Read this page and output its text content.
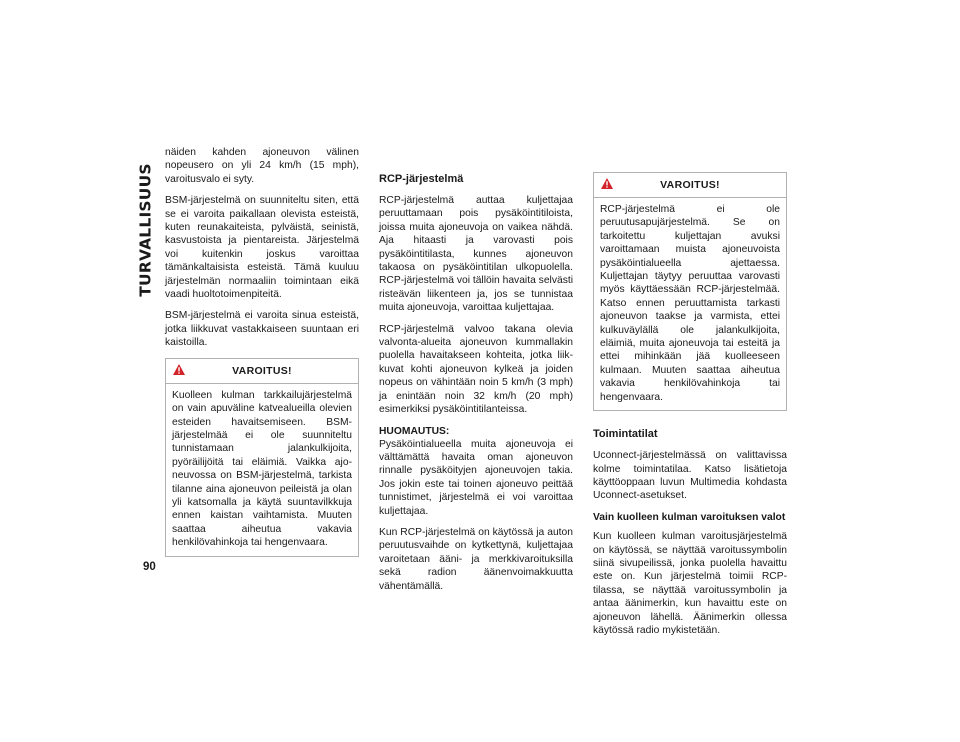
TURVALLISUUS
90

näiden kahden ajoneuvon välinen nopeusero on yli 24 km/h (15 mph), varoitusvalo ei syty.

BSM-järjestelmä on suunniteltu siten, että se ei varoita paikallaan olevista esteistä, kuten reunakaiteista, pylväistä, seinistä, kasvustoista ja pientareista. Järjestelmä voi kuitenkin joskus varoittaa tämänkaltaisista esteistä. Tämä kuuluu järjestelmän normaaliin toimintaan eikä vaadi huoltotoimenpiteitä.

BSM-järjestelmä ei varoita sinua esteistä, jotka liikkuvat vastakkaiseen suuntaan eri kaistoilla.

VAROITUS!

Kuolleen kulman tarkkailujärjestelmä on vain apuväline katvealueilla olevien esteiden havaitsemiseen. BSM-järjestelmää ei ole suunniteltu tunnistamaan jalankulkijoita, pyöräilijöitä tai eläimiä. Vaikka ajoneuvossa on BSM-järjestelmä, tarkista tilanne aina ajoneuvon peileistä ja olan yli katsomalla ja käytä suuntavilkkuja ennen kaistan vaihtamista. Muuten saattaa aiheutua vakavia henkilövahinkoja tai hengenvaara.

RCP-järjestelmä

RCP-järjestelmä auttaa kuljettajaa peruuttamaan pois pysäköintitiloista, joissa muita ajoneuvoja on vaikea nähdä. Aja hitaasti ja varovasti pois pysäköintitilasta, kunnes ajoneuvon takaosa on pysäköintitilan ulkopuolella. RCP-järjestelmä voi tällöin havaita selvästi risteävän liikenteen ja, jos se tunnistaa muita ajoneuvoja, varoittaa kuljettajaa.

RCP-järjestelmä valvoo takana olevia valvonta-alueita ajoneuvon kummallakin puolella havaitakseen kohteita, jotka liikkuvat kohti ajoneuvon kylkeä ja joiden nopeus on vähintään noin 5 km/h (3 mph) ja enintään noin 32 km/h (20 mph) esimerkiksi pysäköintitilanteissa.

HUOMAUTUS:

Pysäköintialueella muita ajoneuvoja ei välttämättä havaita oman ajoneuvon rinnalle pysäköityjen ajoneuvojen takia. Jos jokin este tai toinen ajoneuvo peittää tunnistimet, järjestelmä ei voi varoittaa kuljettajaa.

Kun RCP-järjestelmä on käytössä ja auton peruutusvaihde on kytkettynä, kuljettajaa varoitetaan ääni- ja merkkivaroituksilla sekä radion äänenvoimakkuutta vähentämällä.

VAROITUS!

RCP-järjestelmä ei ole peruutusapujärjestelmä. Se on tarkoitettu kuljettajan avuksi varoittamaan muista ajoneuvoista pysäköintialueella ajettaessa. Kuljettajan täytyy peruuttaa varovasti myös käyttäessään RCP-järjestelmää. Katso ennen peruuttamista tarkasti ajoneuvon taakse ja varmista, ettei kulkuväylällä ole jalankulkijoita, eläimiä, muita ajoneuvoja tai esteitä ja ettei mihinkään jää kuolleeseen kulmaan. Muuten saattaa aiheutua vakavia henkilövahinkoja tai hengenvaara.

Toimintatilat

Uconnect-järjestelmässä on valittavissa kolme toimintatilaa. Katso lisätietoja käyttöoppaan luvun Multimedia kohdasta Uconnect-asetukset.

Vain kuolleen kulman varoituksen valot

Kun kuolleen kulman varoitusjärjestelmä on käytössä, se näyttää varoitussymbolin siinä sivupeilissä, jonka puolella havaittu este on. Kun järjestelmä toimii RCP-tilassa, se näyttää varoitussymbolin ja antaa äänimerkin, kun havaittu este on ajoneuvon lähellä. Äänimerkin ollessa käytössä radio mykistetään.
